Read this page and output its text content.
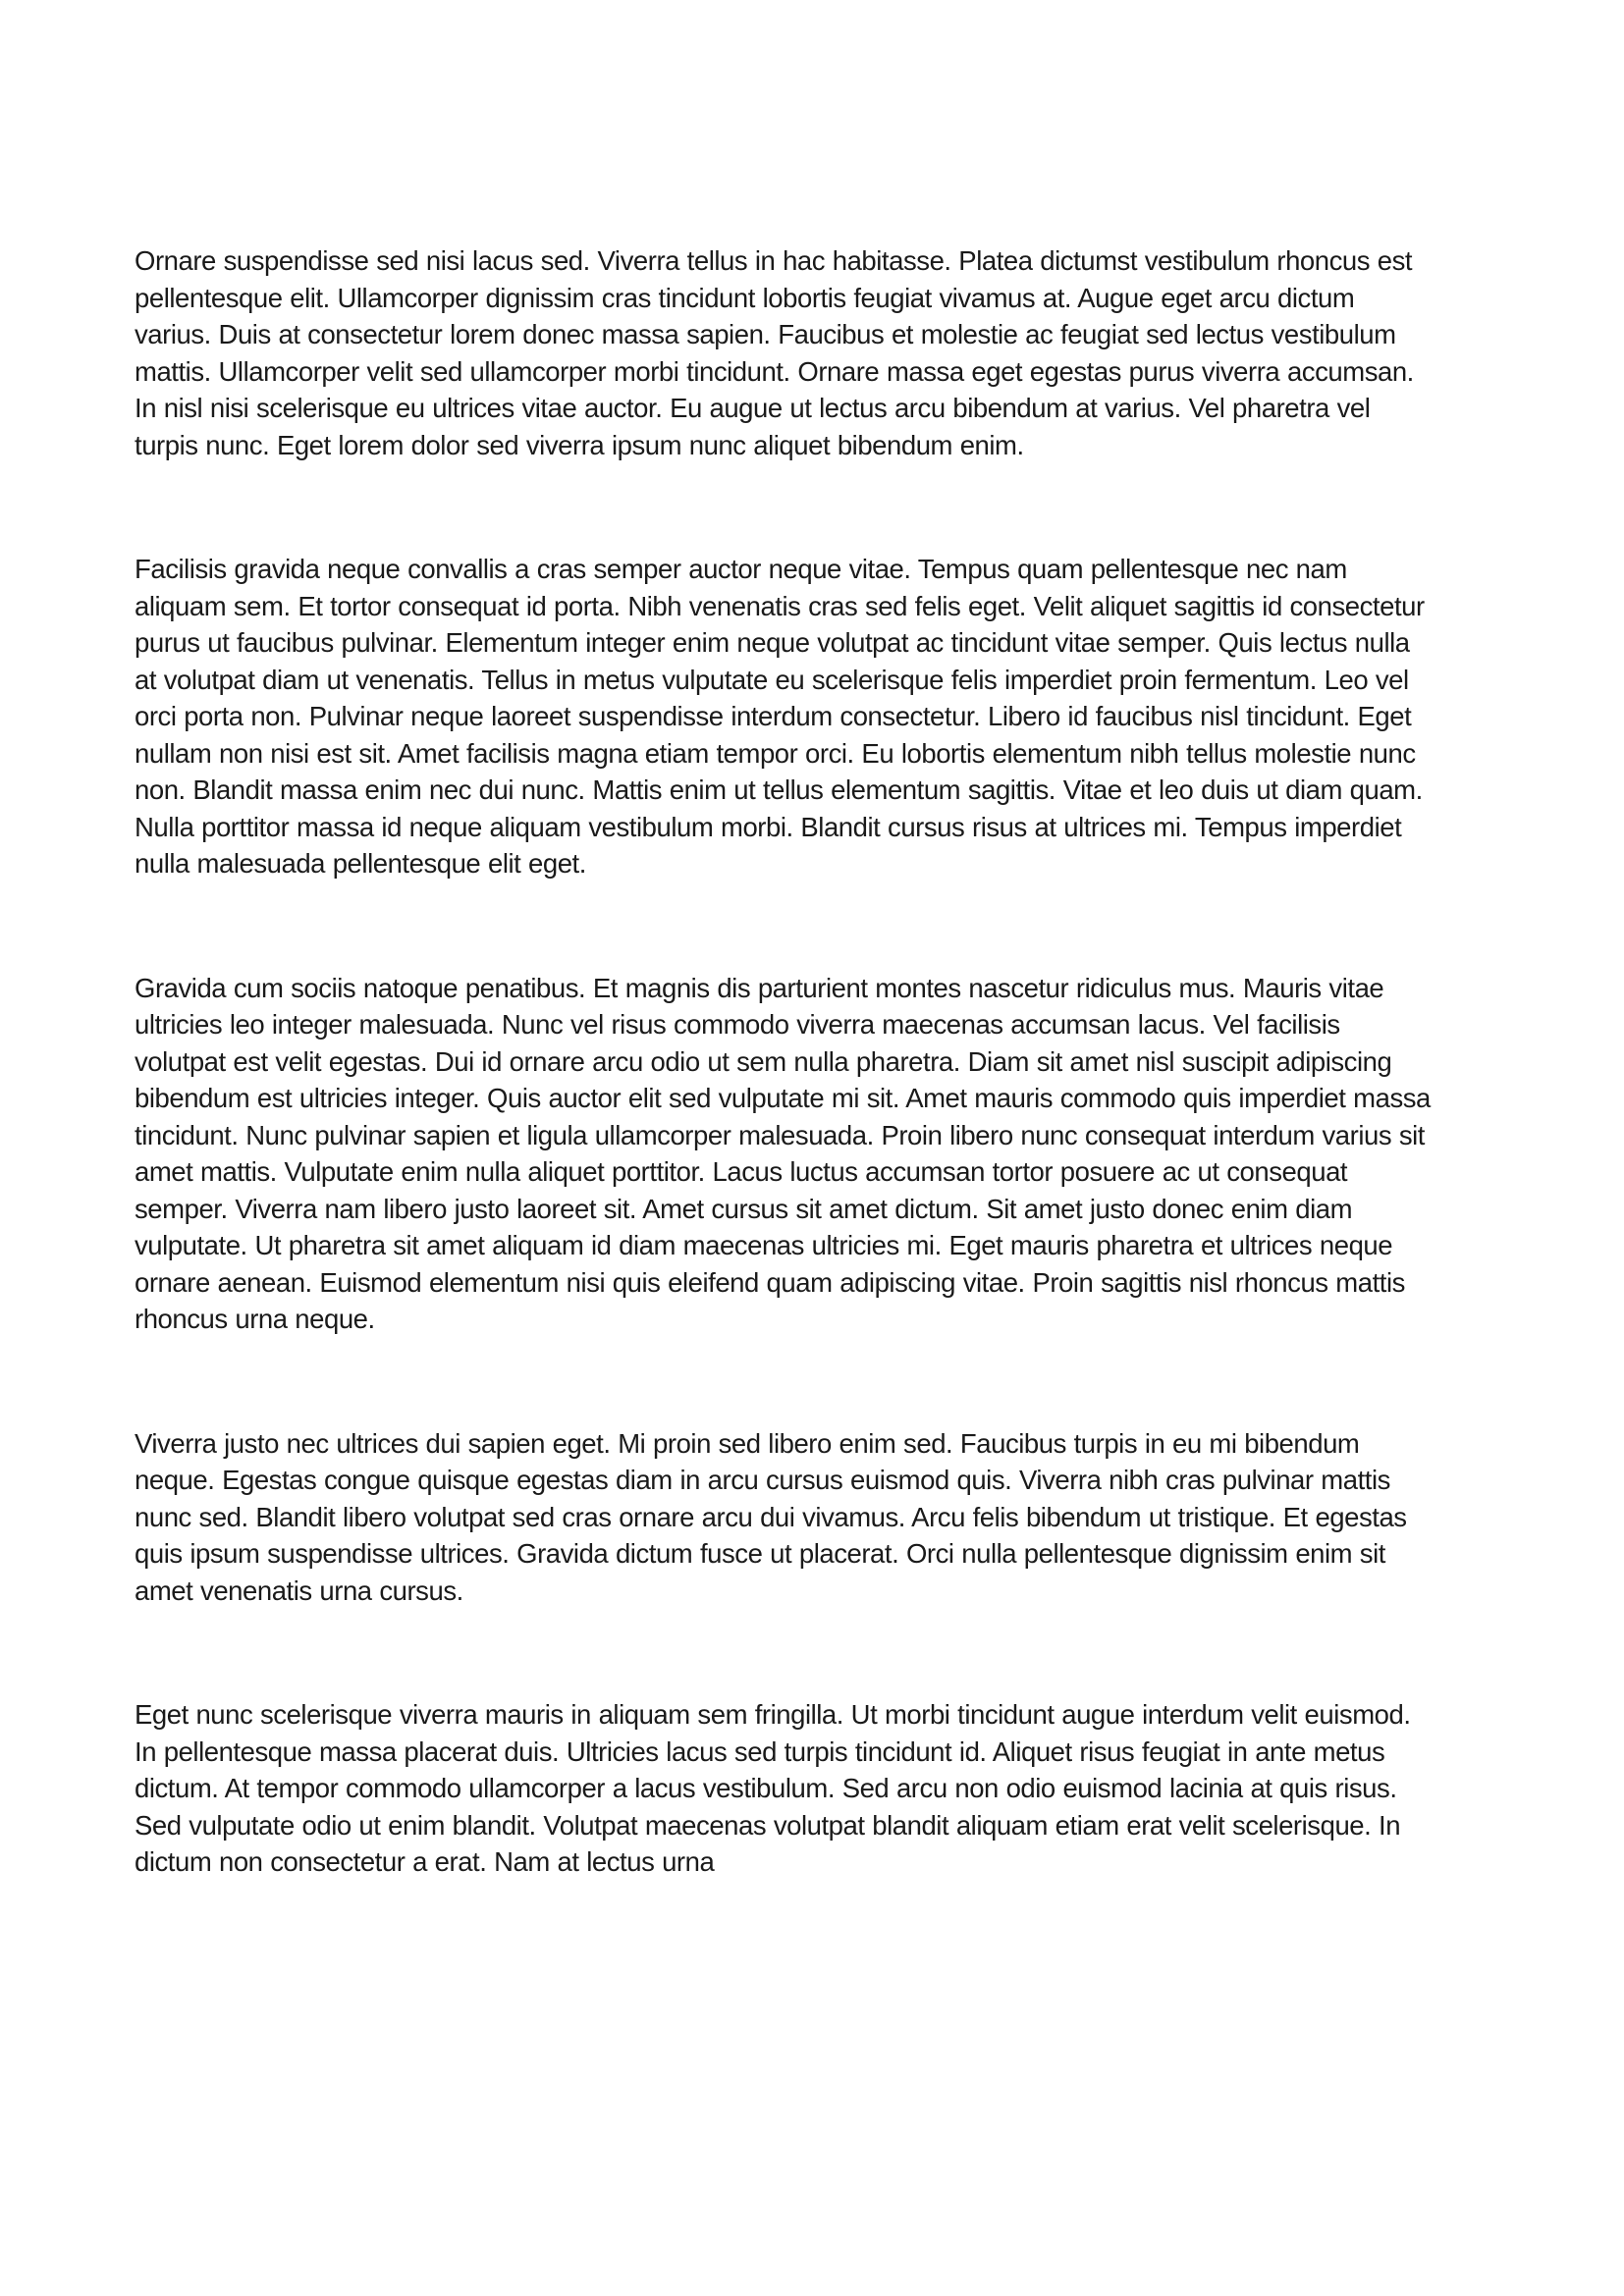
Ornare suspendisse sed nisi lacus sed. Viverra tellus in hac habitasse. Platea dictumst vestibulum rhoncus est pellentesque elit. Ullamcorper dignissim cras tincidunt lobortis feugiat vivamus at. Augue eget arcu dictum varius. Duis at consectetur lorem donec massa sapien. Faucibus et molestie ac feugiat sed lectus vestibulum mattis. Ullamcorper velit sed ullamcorper morbi tincidunt. Ornare massa eget egestas purus viverra accumsan. In nisl nisi scelerisque eu ultrices vitae auctor. Eu augue ut lectus arcu bibendum at varius. Vel pharetra vel turpis nunc. Eget lorem dolor sed viverra ipsum nunc aliquet bibendum enim.

Facilisis gravida neque convallis a cras semper auctor neque vitae. Tempus quam pellentesque nec nam aliquam sem. Et tortor consequat id porta. Nibh venenatis cras sed felis eget. Velit aliquet sagittis id consectetur purus ut faucibus pulvinar. Elementum integer enim neque volutpat ac tincidunt vitae semper. Quis lectus nulla at volutpat diam ut venenatis. Tellus in metus vulputate eu scelerisque felis imperdiet proin fermentum. Leo vel orci porta non. Pulvinar neque laoreet suspendisse interdum consectetur. Libero id faucibus nisl tincidunt. Eget nullam non nisi est sit. Amet facilisis magna etiam tempor orci. Eu lobortis elementum nibh tellus molestie nunc non. Blandit massa enim nec dui nunc. Mattis enim ut tellus elementum sagittis. Vitae et leo duis ut diam quam. Nulla porttitor massa id neque aliquam vestibulum morbi. Blandit cursus risus at ultrices mi. Tempus imperdiet nulla malesuada pellentesque elit eget.

Gravida cum sociis natoque penatibus. Et magnis dis parturient montes nascetur ridiculus mus. Mauris vitae ultricies leo integer malesuada. Nunc vel risus commodo viverra maecenas accumsan lacus. Vel facilisis volutpat est velit egestas. Dui id ornare arcu odio ut sem nulla pharetra. Diam sit amet nisl suscipit adipiscing bibendum est ultricies integer. Quis auctor elit sed vulputate mi sit. Amet mauris commodo quis imperdiet massa tincidunt. Nunc pulvinar sapien et ligula ullamcorper malesuada. Proin libero nunc consequat interdum varius sit amet mattis. Vulputate enim nulla aliquet porttitor. Lacus luctus accumsan tortor posuere ac ut consequat semper. Viverra nam libero justo laoreet sit. Amet cursus sit amet dictum. Sit amet justo donec enim diam vulputate. Ut pharetra sit amet aliquam id diam maecenas ultricies mi. Eget mauris pharetra et ultrices neque ornare aenean. Euismod elementum nisi quis eleifend quam adipiscing vitae. Proin sagittis nisl rhoncus mattis rhoncus urna neque.

Viverra justo nec ultrices dui sapien eget. Mi proin sed libero enim sed. Faucibus turpis in eu mi bibendum neque. Egestas congue quisque egestas diam in arcu cursus euismod quis. Viverra nibh cras pulvinar mattis nunc sed. Blandit libero volutpat sed cras ornare arcu dui vivamus. Arcu felis bibendum ut tristique. Et egestas quis ipsum suspendisse ultrices. Gravida dictum fusce ut placerat. Orci nulla pellentesque dignissim enim sit amet venenatis urna cursus.

Eget nunc scelerisque viverra mauris in aliquam sem fringilla. Ut morbi tincidunt augue interdum velit euismod. In pellentesque massa placerat duis. Ultricies lacus sed turpis tincidunt id. Aliquet risus feugiat in ante metus dictum. At tempor commodo ullamcorper a lacus vestibulum. Sed arcu non odio euismod lacinia at quis risus. Sed vulputate odio ut enim blandit. Volutpat maecenas volutpat blandit aliquam etiam erat velit scelerisque. In dictum non consectetur a erat. Nam at lectus urna
